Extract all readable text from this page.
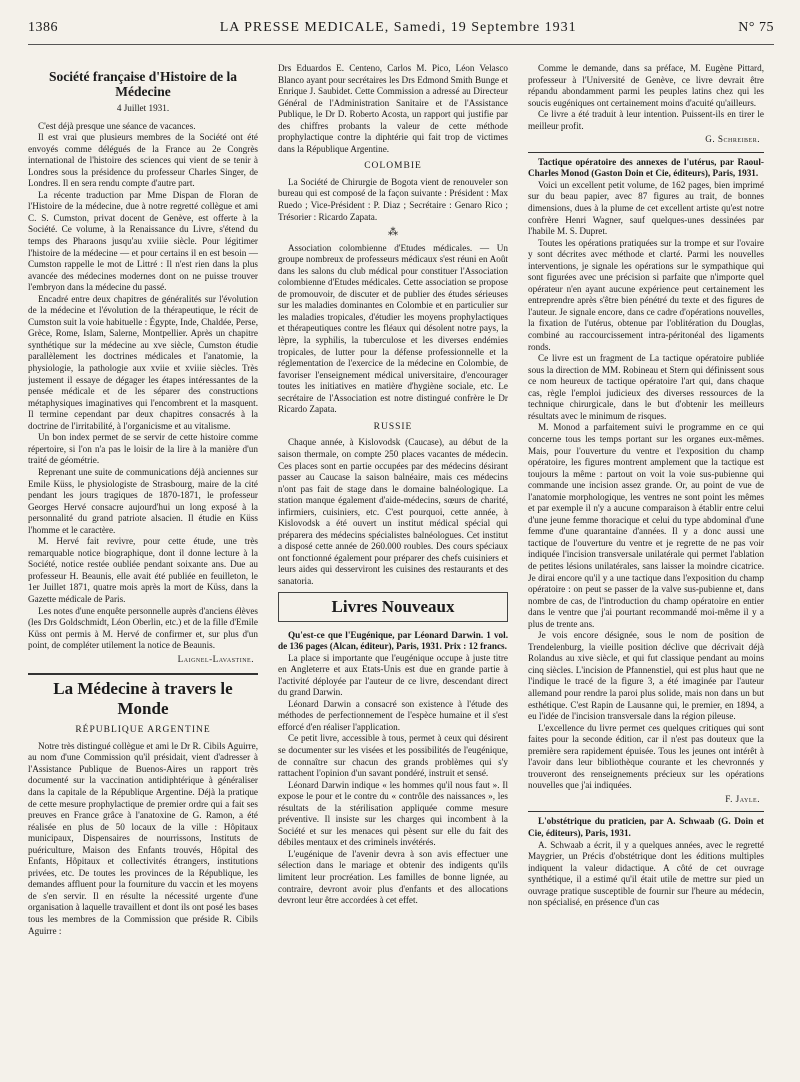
1386	LA PRESSE MEDICALE, Samedi, 19 Septembre 1931	N° 75
Société française d'Histoire de la Médecine
4 Juillet 1931.

C'est déjà presque une séance de vacances.

Il est vrai que plusieurs membres de la Société ont été envoyés comme délégués de la France au 2e Congrès international de l'histoire des sciences qui vient de se tenir à Londres sous la présidence du professeur Charles Singer, de Londres. Il en sera rendu compte d'autre part.

La récente traduction par Mme Dispan de Floran de l'Histoire de la médecine, due à notre regretté collègue et ami C. S. Cumston, privat docent de Genève, est offerte à la Société. Ce volume, à la Renaissance du Livre, s'étend du temps des Pharaons jusqu'au xviiie siècle. Pour légitimer l'histoire de la médecine — et pour certains il en est besoin — Cumston rappelle le mot de Littré : Il n'est rien dans la plus avancée des médecines modernes dont on ne puisse trouver l'embryon dans la médecine du passé.

Encadré entre deux chapitres de généralités sur l'évolution de la médecine et l'évolution de la thérapeutique, le récit de Cumston suit la voie habituelle : Égypte, Inde, Chaldée, Perse, Grèce, Rome, Islam, Salerne, Montpellier. Après un chapitre synthétique sur la médecine au xve siècle, Cumston étudie parallèlement les doctrines médicales et l'anatomie, la physiologie, la pathologie aux xviie et xviiie siècles. Très justement il essaye de dégager les étapes intéressantes de la pensée médicale et de les séparer des constructions métaphysiques imaginatives qui l'encombrent et la masquent. Il termine cependant par deux chapitres consacrés à la doctrine de l'irritabilité, à l'organicisme et au vitalisme.

Un bon index permet de se servir de cette histoire comme répertoire, si l'on n'a pas le loisir de la lire à la manière d'un traité de géométrie.

Reprenant une suite de communications déjà anciennes sur Emile Küss, le physiologiste de Strasbourg, maire de la cité pendant les jours tragiques de 1870-1871, le professeur Georges Hervé consacre aujourd'hui un long exposé à la personnalité du grand patriote alsacien. Il étudie en Küss l'homme et le caractère.

M. Hervé fait revivre, pour cette étude, une très remarquable notice biographique, dont il donne lecture à la Société, notice restée oubliée pendant soixante ans. Due au professeur H. Beaunis, elle avait été publiée en feuilleton, le 1er Juillet 1871, quatre mois après la mort de Küss, dans la Gazette médicale de Paris.

Les notes d'une enquête personnelle auprès d'anciens élèves (les Drs Goldschmidt, Léon Oberlin, etc.) et de la fille d'Emile Küss ont permis à M. Hervé de confirmer et, sur plus d'un point, de compléter utilement la notice de Beaunis.

Laignel-Lavastine.
La Médecine à travers le Monde
RÉPUBLIQUE ARGENTINE

Notre très distingué collègue et ami le Dr R. Cibils Aguirre, au nom d'une Commission qu'il présidait, vient d'adresser à l'Assistance Publique de Buenos-Aires un rapport très documenté sur la vaccination antidiphtérique à généraliser dans la capitale de la République Argentine. Déjà la pratique de cette mesure prophylactique de premier ordre qui a fait ses preuves en France grâce à l'anatoxine de G. Ramon, a été réalisée en plus de 50 locaux de la ville : Hôpitaux municipaux, Dispensaires de nourrissons, Instituts de puériculture, Maison des Enfants trouvés, Hôpital des Enfants, Hôpitaux et collectivités étrangers, institutions privées, etc. De toutes les provinces de la République, les demandes affluent pour la fourniture du vaccin et les moyens de s'en servir. Il en résulte la nécessité urgente d'une organisation à laquelle travaillent et dont ils ont posé les bases tous les membres de la Commission que préside R. Cibils Aguirre :

Drs Eduardos E. Centeno, Carlos M. Pico, Léon Velasco Blanco ayant pour secrétaires les Drs Edmond Smith Bunge et Enrique J. Saubidet. Cette Commission a adressé au Directeur Général de l'Administration Sanitaire et de l'Assistance Publique, le Dr D. Roberto Acosta, un rapport qui justifie par des chiffres probants la valeur de cette méthode prophylactique contre la diphtérie qui fait trop de victimes dans la République Argentine.

COLOMBIE

La Société de Chirurgie de Bogota vient de renouveler son bureau qui est composé de la façon suivante : Président : Max Ruedo ; Vice-Président : P. Diaz ; Secrétaire : Genaro Rico ; Trésorier : Ricardo Zapata.

⁂

Association colombienne d'Etudes médicales. — Un groupe nombreux de professeurs médicaux s'est réuni en Août dans les salons du club médical pour constituer l'Association colombienne d'Etudes médicales. Cette association se propose de promouvoir, de discuter et de publier des études sérieuses sur les maladies dominantes en Colombie et en particulier sur les maladies tropicales, d'étudier les moyens prophylactiques et thérapeutiques contre les fléaux qui désolent notre pays, la lèpre, la syphilis, la tuberculose et les diverses endémies tropicales, de lutter pour la défense professionnelle et la réglementation de l'exercice de la médecine en Colombie, de favoriser l'enseignement médical universitaire, d'encourager toutes les initiatives en matière d'hygiène sociale, etc. Le secrétaire de l'Association est notre distingué confrère le Dr Ricardo Zapata.

RUSSIE

Chaque année, à Kislovodsk (Caucase), au début de la saison thermale, on compte 250 places vacantes de médecin. Ces places sont en partie occupées par des médecins désirant passer au Caucase la saison balnéaire, mais ces médecins n'ont pas fait de stage dans le domaine balnéologique. La station manque également d'aide-médecins, sœurs de charité, infirmiers, cuisiniers, etc. C'est pourquoi, cette année, à Kislovodsk a été ouvert un institut médical spécial qui préparera des médecins spécialistes balnéologues. Cet institut a disposé cette année de 260.000 roubles. Des cours spéciaux ont fonctionné également pour préparer des chefs cuisiniers et leurs aides qui desserviront les cuisines des restaurants et des sanatoria.

Livres Nouveaux

Qu'est-ce que l'Eugénique, par Léonard Darwin. 1 vol. de 136 pages (Alcan, éditeur), Paris, 1931. Prix : 12 francs.

La place si importante que l'eugénique occupe à juste titre en Angleterre et aux Etats-Unis est due en grande partie à l'activité déployée par l'auteur de ce livre, descendant direct du grand Darwin.

Léonard Darwin a consacré son existence à l'étude des méthodes de perfectionnement de l'espèce humaine et il s'est efforcé d'en réaliser l'application.

Ce petit livre, accessible à tous, permet à ceux qui désirent se documenter sur les visées et les possibilités de l'eugénique, de connaître sur chacun des grands problèmes qui s'y rattachent l'opinion d'un savant pondéré, instruit et sensé.

Léonard Darwin indique « les hommes qu'il nous faut ». Il expose le pour et le contre du « contrôle des naissances », les résultats de la stérilisation appliquée comme mesure préventive. Il insiste sur les charges qui incombent à la Société et sur les menaces qui pèsent sur elle du fait des débiles mentaux et des criminels invétérés.

L'eugénique de l'avenir devra à son avis effectuer une sélection dans le mariage et obtenir des indigents qu'ils limitent leur procréation. Les familles de bonne lignée, au contraire, devront avoir plus d'enfants et des allocations devront leur être accordées à cet effet.

Comme le demande, dans sa préface, M. Eugène Pittard, professeur à l'Université de Genève, ce livre devrait être répandu abondamment parmi les peuples latins chez qui les soucis eugéniques ont certainement moins d'acuité qu'ailleurs.

Ce livre a été traduit à leur intention. Puissent-ils en tirer le meilleur profit.

G. Schreiber.

Tactique opératoire des annexes de l'utérus, par Raoul-Charles Monod (Gaston Doin et Cie, éditeurs), Paris, 1931.

Voici un excellent petit volume, de 162 pages, bien imprimé sur du beau papier, avec 87 figures au trait, de bonnes dimensions, dues à la plume de cet excellent artiste qu'est notre confrère Henri Wagner, sauf quelques-unes dessinées par l'habile M. S. Dupret.

Toutes les opérations pratiquées sur la trompe et sur l'ovaire y sont décrites avec méthode et clarté. Parmi les nouvelles interventions, je signale les opérations sur le sympathique qui sont figurées avec une précision si parfaite que n'importe quel opérateur n'en ayant aucune expérience peut certainement les entreprendre après s'être bien pénétré du texte et des figures de l'auteur. Je signale encore, dans ce cadre d'opérations nouvelles, la fixation de l'utérus, obtenue par l'oblitération du Douglas, combiné au raccourcissement intra-péritonéal des ligaments ronds.

Ce livre est un fragment de La tactique opératoire publiée sous la direction de MM. Robineau et Stern qui définissent sous ce nom heureux de tactique opératoire l'art qui, dans chaque cas, règle l'emploi judicieux des diverses ressources de la technique chirurgicale, dans le but d'obtenir les meilleurs résultats avec le minimum de risques.

M. Monod a parfaitement suivi le programme en ce qui concerne tous les temps portant sur les organes eux-mêmes. Mais, pour l'ouverture du ventre et l'exposition du champ opératoire, les figures montrent amplement que la tactique est toujours la même : partout on voit la voie sus-pubienne qui commande une incision assez grande. Or, au point de vue de l'anatomie morphologique, les ventres ne sont point les mêmes et par exemple il n'y a aucune comparaison à établir entre celui d'une jeune femme thoracique et celui du type abdominal d'une femme d'une quarantaine d'années. Il y a donc aussi une tactique de l'ouverture du ventre et je regrette de ne pas voir indiquée l'incision transversale unilatérale qui permet l'ablation de petites lésions unilatérales, sans laisser la moindre cicatrice. Je dirai encore qu'il y a une tactique dans l'exposition du champ opératoire : on peut se passer de la valve sus-pubienne et, dans nombre de cas, de l'introduction du champ opératoire en entier dans le ventre que j'ai pourtant recommandé moi-même il y a plus de trente ans.

Je vois encore désignée, sous le nom de position de Trendelenburg, la vieille position déclive que décrivait déjà Rolandus au xive siècle, et qui fut classique pendant au moins cinq siècles. L'incision de Pfannenstiel, qui est plus haut que ne l'indique le tracé de la figure 3, a été imaginée par l'auteur allemand pour rendre la paroi plus solide, mais non dans un but esthétique. C'est Rapin de Lausanne qui, le premier, en 1894, a eu l'idée de l'incision transversale dans la région pileuse.

L'excellence du livre permet ces quelques critiques qui sont faites pour la seconde édition, car il n'est pas douteux que la première sera rapidement épuisée. Tous les jeunes ont intérêt à l'avoir dans leur bibliothèque courante et les chevronnés y trouveront des renseignements précieux sur les opérations nouvelles que j'ai indiquées.

F. Jayle.

L'obstétrique du praticien, par A. Schwaab (G. Doin et Cie, éditeurs), Paris, 1931.

A. Schwaab a écrit, il y a quelques années, avec le regretté Maygrier, un Précis d'obstétrique dont les éditions multiples indiquent la valeur didactique. A côté de cet ouvrage synthétique, il a estimé qu'il était utile de mettre sur pied un ouvrage pratique susceptible de fournir sur l'heure au médecin, non spécialisé, en présence d'un cas
